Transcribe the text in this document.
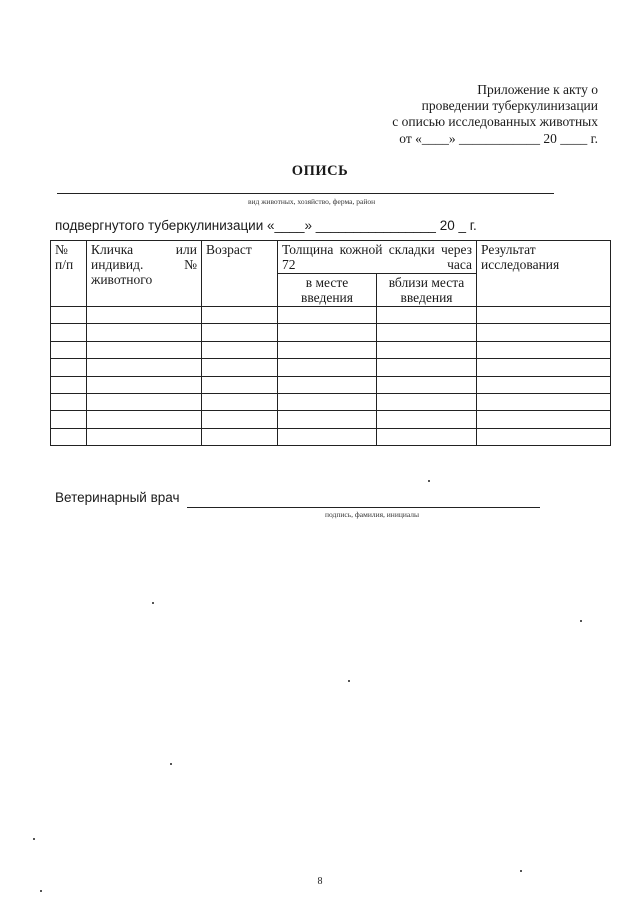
Приложение к акту о
проведении туберкулинизации
с описью исследованных животных
от «____» ____________ 20 ____ г.
ОПИСЬ
вид животных, хозяйство, ферма, район
подвергнутого туберкулинизации «____» ________________ 20 _ г.
№ п/п	Кличка или индивид. № животного	Возраст	Толщина кожной складки через 72 часа		Результат исследования
			в месте введения	вблизи места введения	

Ветеринарный врач
подпись, фамилия, инициалы
8
